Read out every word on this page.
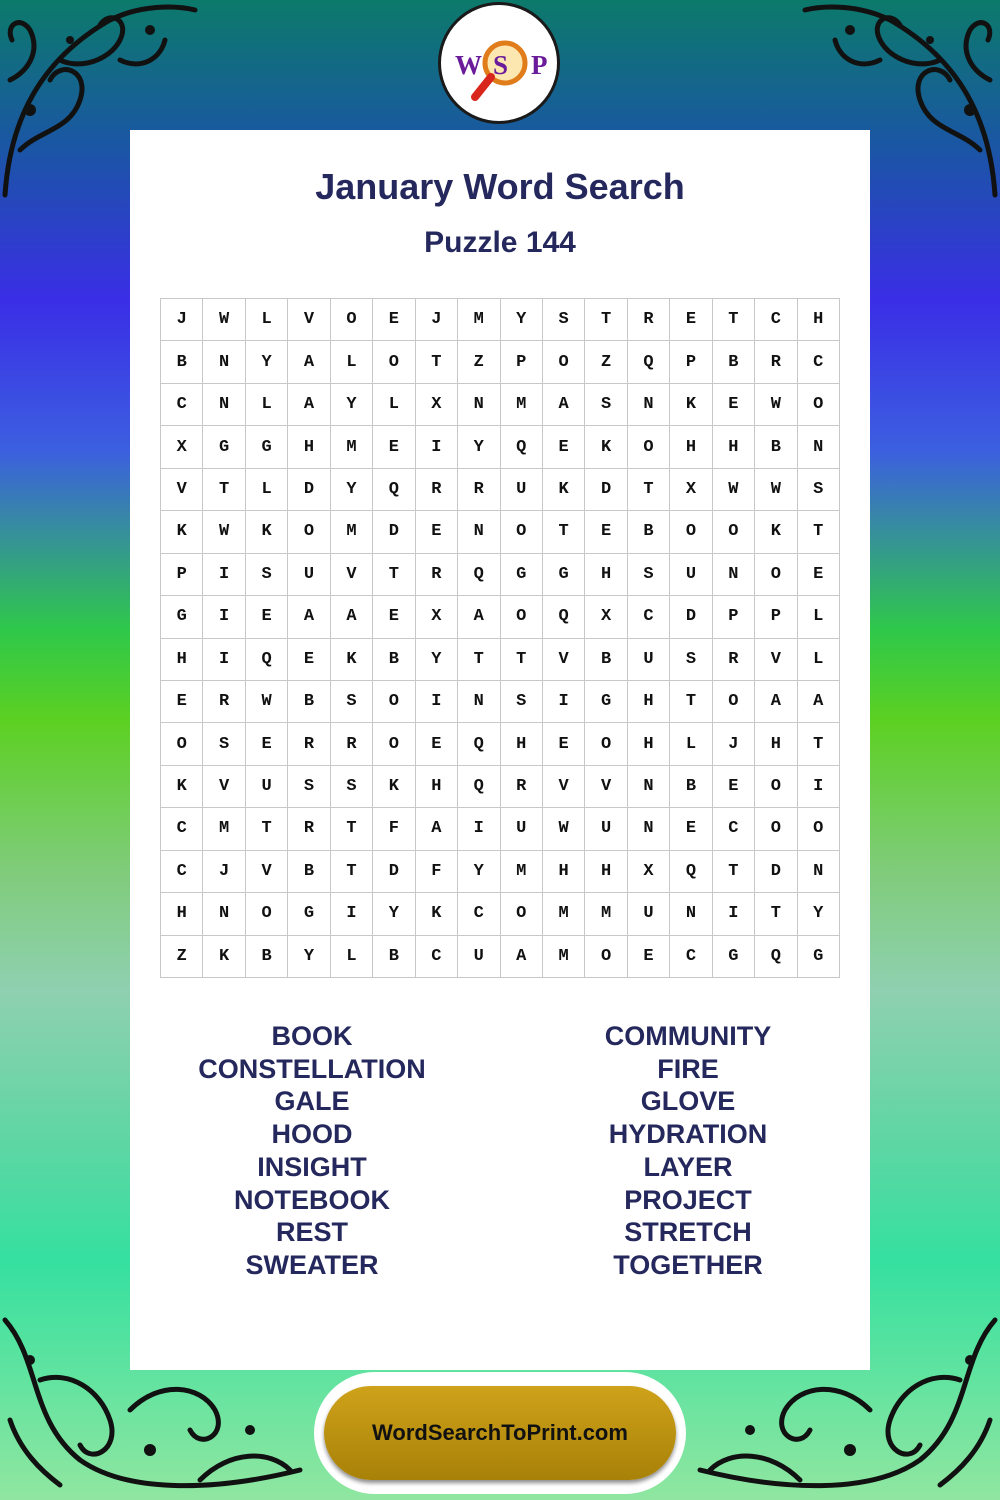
W S P
January Word Search
Puzzle 144
J	W	L	V	O	E	J	M	Y	S	T	R	E	T	C	H
B	N	Y	A	L	O	T	Z	P	O	Z	Q	P	B	R	C
C	N	L	A	Y	L	X	N	M	A	S	N	K	E	W	O
X	G	G	H	M	E	I	Y	Q	E	K	O	H	H	B	N
V	T	L	D	Y	Q	R	R	U	K	D	T	X	W	W	S
K	W	K	O	M	D	E	N	O	T	E	B	O	O	K	T
P	I	S	U	V	T	R	Q	G	G	H	S	U	N	O	E
G	I	E	A	A	E	X	A	O	Q	X	C	D	P	P	L
H	I	Q	E	K	B	Y	T	T	V	B	U	S	R	V	L
E	R	W	B	S	O	I	N	S	I	G	H	T	O	A	A
O	S	E	R	R	O	E	Q	H	E	O	H	L	J	H	T
K	V	U	S	S	K	H	Q	R	V	V	N	B	E	O	I
C	M	T	R	T	F	A	I	U	W	U	N	E	C	O	O
C	J	V	B	T	D	F	Y	M	H	H	X	Q	T	D	N
H	N	O	G	I	Y	K	C	O	M	M	U	N	I	T	Y
Z	K	B	Y	L	B	C	U	A	M	O	E	C	G	Q	G
BOOK
CONSTELLATION
GALE
HOOD
INSIGHT
NOTEBOOK
REST
SWEATER
COMMUNITY
FIRE
GLOVE
HYDRATION
LAYER
PROJECT
STRETCH
TOGETHER
WordSearchToPrint.com
